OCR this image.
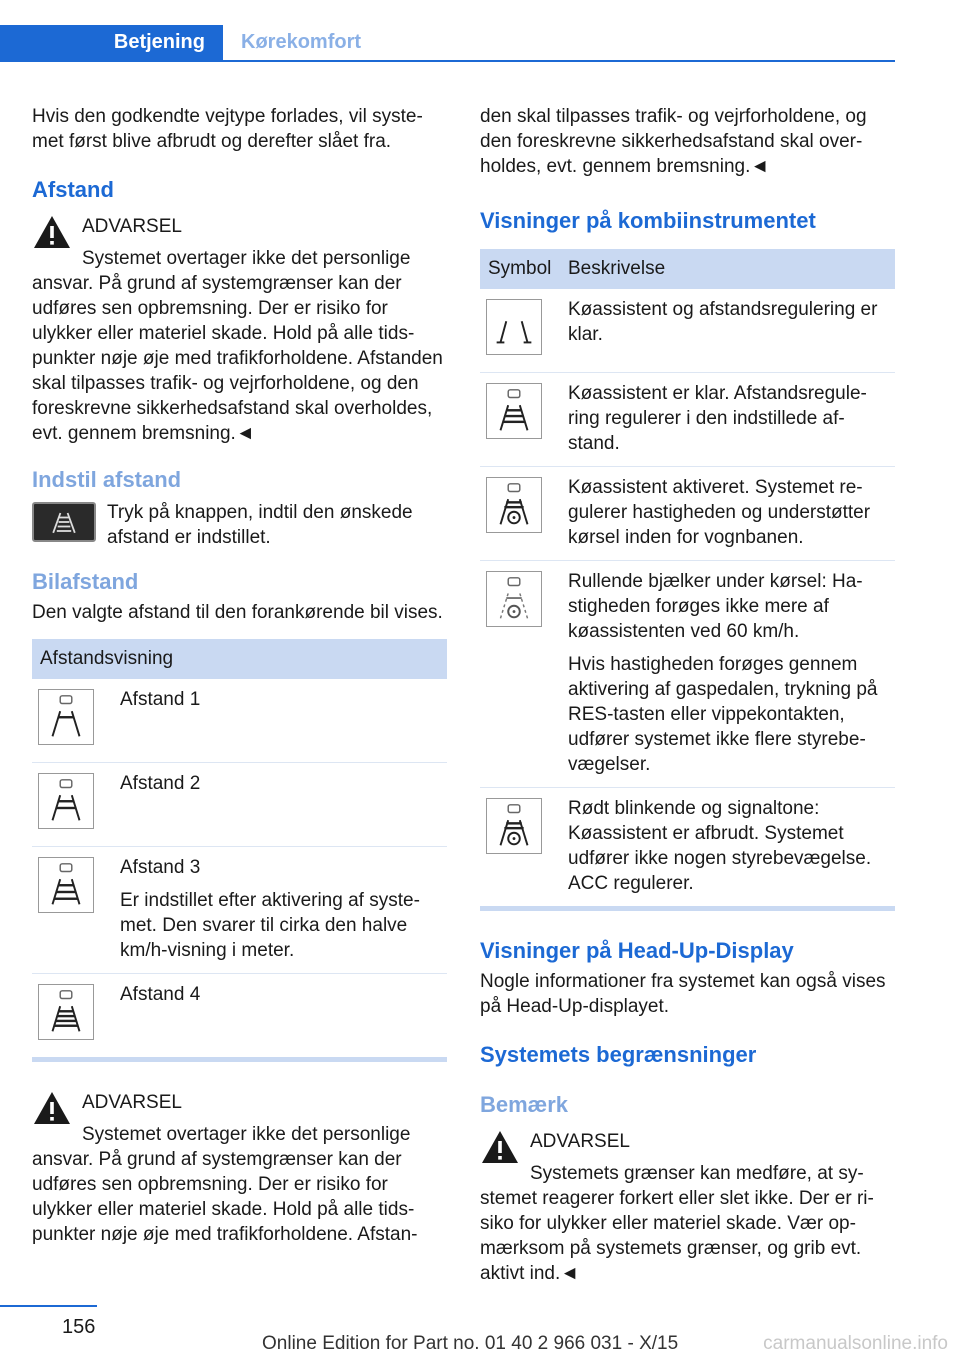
Betjening	Kørekomfort

Hvis den godkendte vejtype forlades, vil systemet først blive afbrudt og derefter slået fra.

Afstand
ADVARSEL
Systemet overtager ikke det personlige ansvar. På grund af systemgrænser kan der udføres sen opbremsning. Der er risiko for ulykker eller materiel skade. Hold på alle tidspunkter nøje øje med trafikforholdene. Afstanden skal tilpasses trafik- og vejrforholdene, og den foreskrevne sikkerhedsafstand skal overholdes, evt. gennem bremsning.◄
Indstil afstand

Tryk på knappen, indtil den ønskede afstand er indstillet.

Bilafstand

Den valgte afstand til den forankørende bil vises.

Afstandsvisning	
	Afstand 1
	Afstand 2

Afstand 3

Er indstillet efter aktivering af systemet. Den svarer til cirka den halve km/h-visning i meter.

	Afstand 4
ADVARSEL
Systemet overtager ikke det personlige ansvar. På grund af systemgrænser kan der udføres sen opbremsning. Der er risiko for ulykker eller materiel skade. Hold på alle tidspunkter nøje øje med trafikforholdene. Afstan-

den skal tilpasses trafik- og vejrforholdene, og den foreskrevne sikkerhedsafstand skal overholdes, evt. gennem bremsning.◄

Visninger på kombiinstrumentet
Symbol	Beskrivelse
	Køassistent og afstandsregulering er klar.
	Køassistent er klar. Afstandsregulering regulerer i den indstillede afstand.
	Køassistent aktiveret. Systemet regulerer hastigheden og understøtter kørsel inden for vognbanen.

Rullende bjælker under kørsel: Hastigheden forøges ikke mere af køassistenten ved 60 km/h.

Hvis hastigheden forøges gennem aktivering af gaspedalen, trykning på RES-tasten eller vippekontakten, udfører systemet ikke flere styrebevægelser.

	Rødt blinkende og signaltone: Køassistent er afbrudt. Systemet udfører ikke nogen styrebevægelse. ACC regulerer.
Visninger på Head-Up-Display

Nogle informationer fra systemet kan også vises på Head-Up-displayet.

Systemets begrænsninger
Bemærk
ADVARSEL
Systemets grænser kan medføre, at systemet reagerer forkert eller slet ikke. Der er risiko for ulykker eller materiel skade. Vær opmærksom på systemets grænser, og grib evt. aktivt ind.◄
156
Online Edition for Part no. 01 40 2 966 031 - X/15	carmanualsonline.info
